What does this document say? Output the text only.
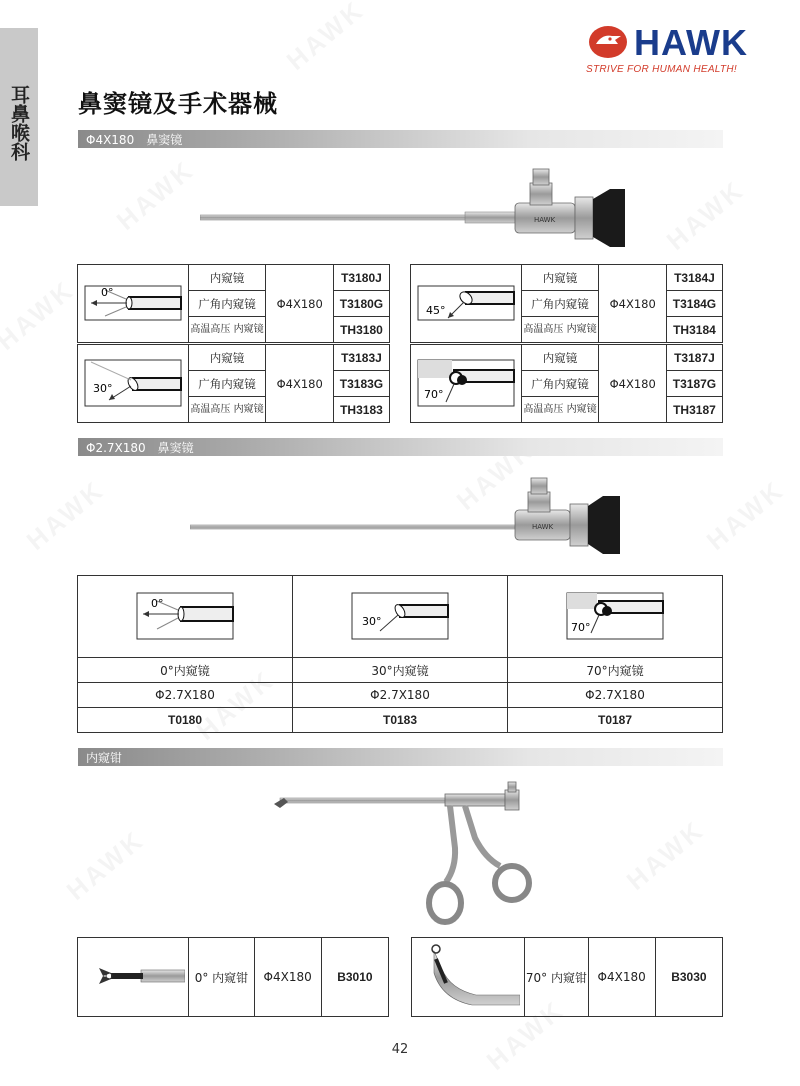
耳鼻喉科
HAWK
STRIVE FOR HUMAN HEALTH!
鼻窦镜及手术器械
Φ4X180　鼻窦镜
HAWK
0°	内窥镜	Φ4X180	T3180J
	广角内窥镜		T3180G
	高温高压 内窥镜		TH3180
45°	内窥镜	Φ4X180	T3184J
	广角内窥镜		T3184G
	高温高压 内窥镜		TH3184
30°	内窥镜	Φ4X180	T3183J
	广角内窥镜		T3183G
	高温高压 内窥镜		TH3183
70°	内窥镜	Φ4X180	T3187J
	广角内窥镜		T3187G
	高温高压 内窥镜		TH3187
Φ2.7X180　鼻窦镜
HAWK
0°	30°	70°

0°内窥镜	30°内窥镜	70°内窥镜
Φ2.7X180	Φ2.7X180	Φ2.7X180
T0180	T0183	T0187
内窥钳
	0° 内窥钳	Φ4X180	B3010
		70° 内窥钳	Φ4X180	B3030
42
